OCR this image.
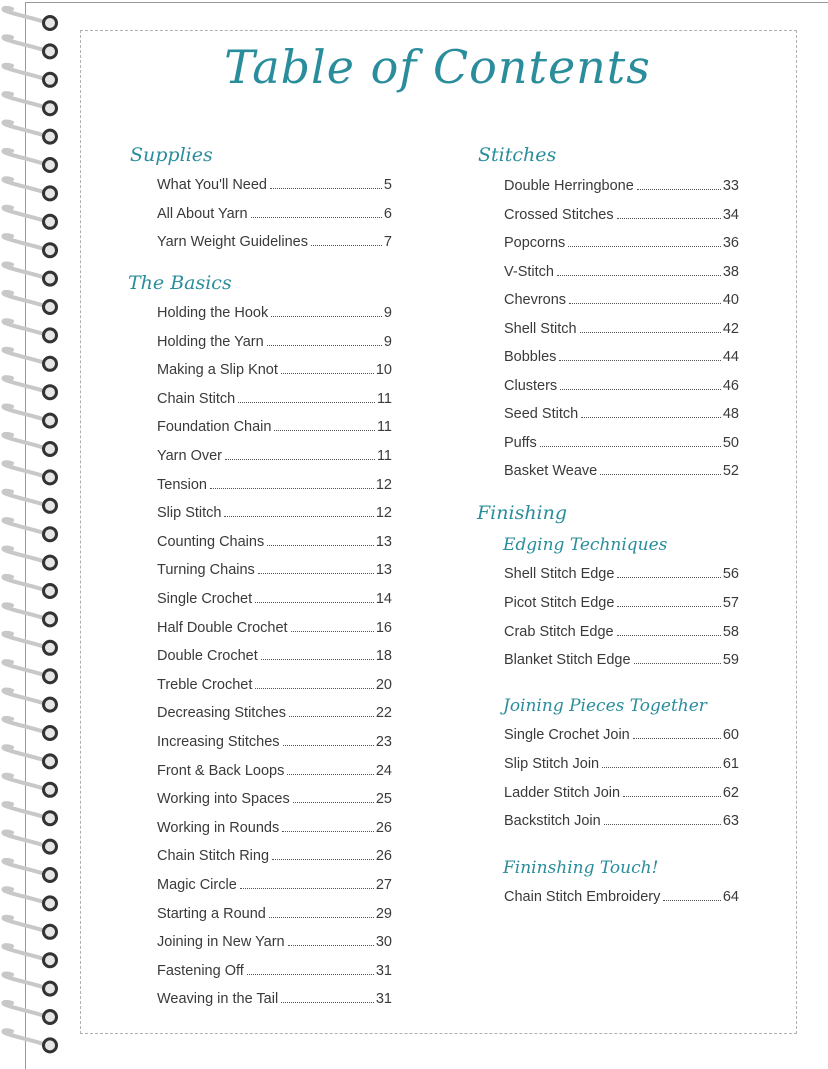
Table of Contents
Supplies
What You'll Need	5
All About Yarn	6
Yarn Weight Guidelines	7
The Basics
Holding the Hook	9
Holding the Yarn	9
Making a Slip Knot	10
Chain Stitch	11
Foundation Chain	11
Yarn Over	11
Tension	12
Slip Stitch	12
Counting Chains	13
Turning Chains	13
Single Crochet	14
Half Double Crochet	16
Double Crochet	18
Treble Crochet	20
Decreasing Stitches	22
Increasing Stitches	23
Front & Back Loops	24
Working into Spaces	25
Working in Rounds	26
Chain Stitch Ring	26
Magic Circle	27
Starting a Round	29
Joining in New Yarn	30
Fastening Off	31
Weaving in the Tail	31
Stitches
Double Herringbone	33
Crossed Stitches	34
Popcorns	36
V-Stitch	38
Chevrons	40
Shell Stitch	42
Bobbles	44
Clusters	46
Seed Stitch	48
Puffs	50
Basket Weave	52
Finishing
Edging Techniques
Shell Stitch Edge	56
Picot Stitch Edge	57
Crab Stitch Edge	58
Blanket Stitch Edge	59
Joining Pieces Together
Single Crochet Join	60
Slip Stitch Join	61
Ladder Stitch Join	62
Backstitch Join	63
Fininshing Touch!
Chain Stitch Embroidery	64
